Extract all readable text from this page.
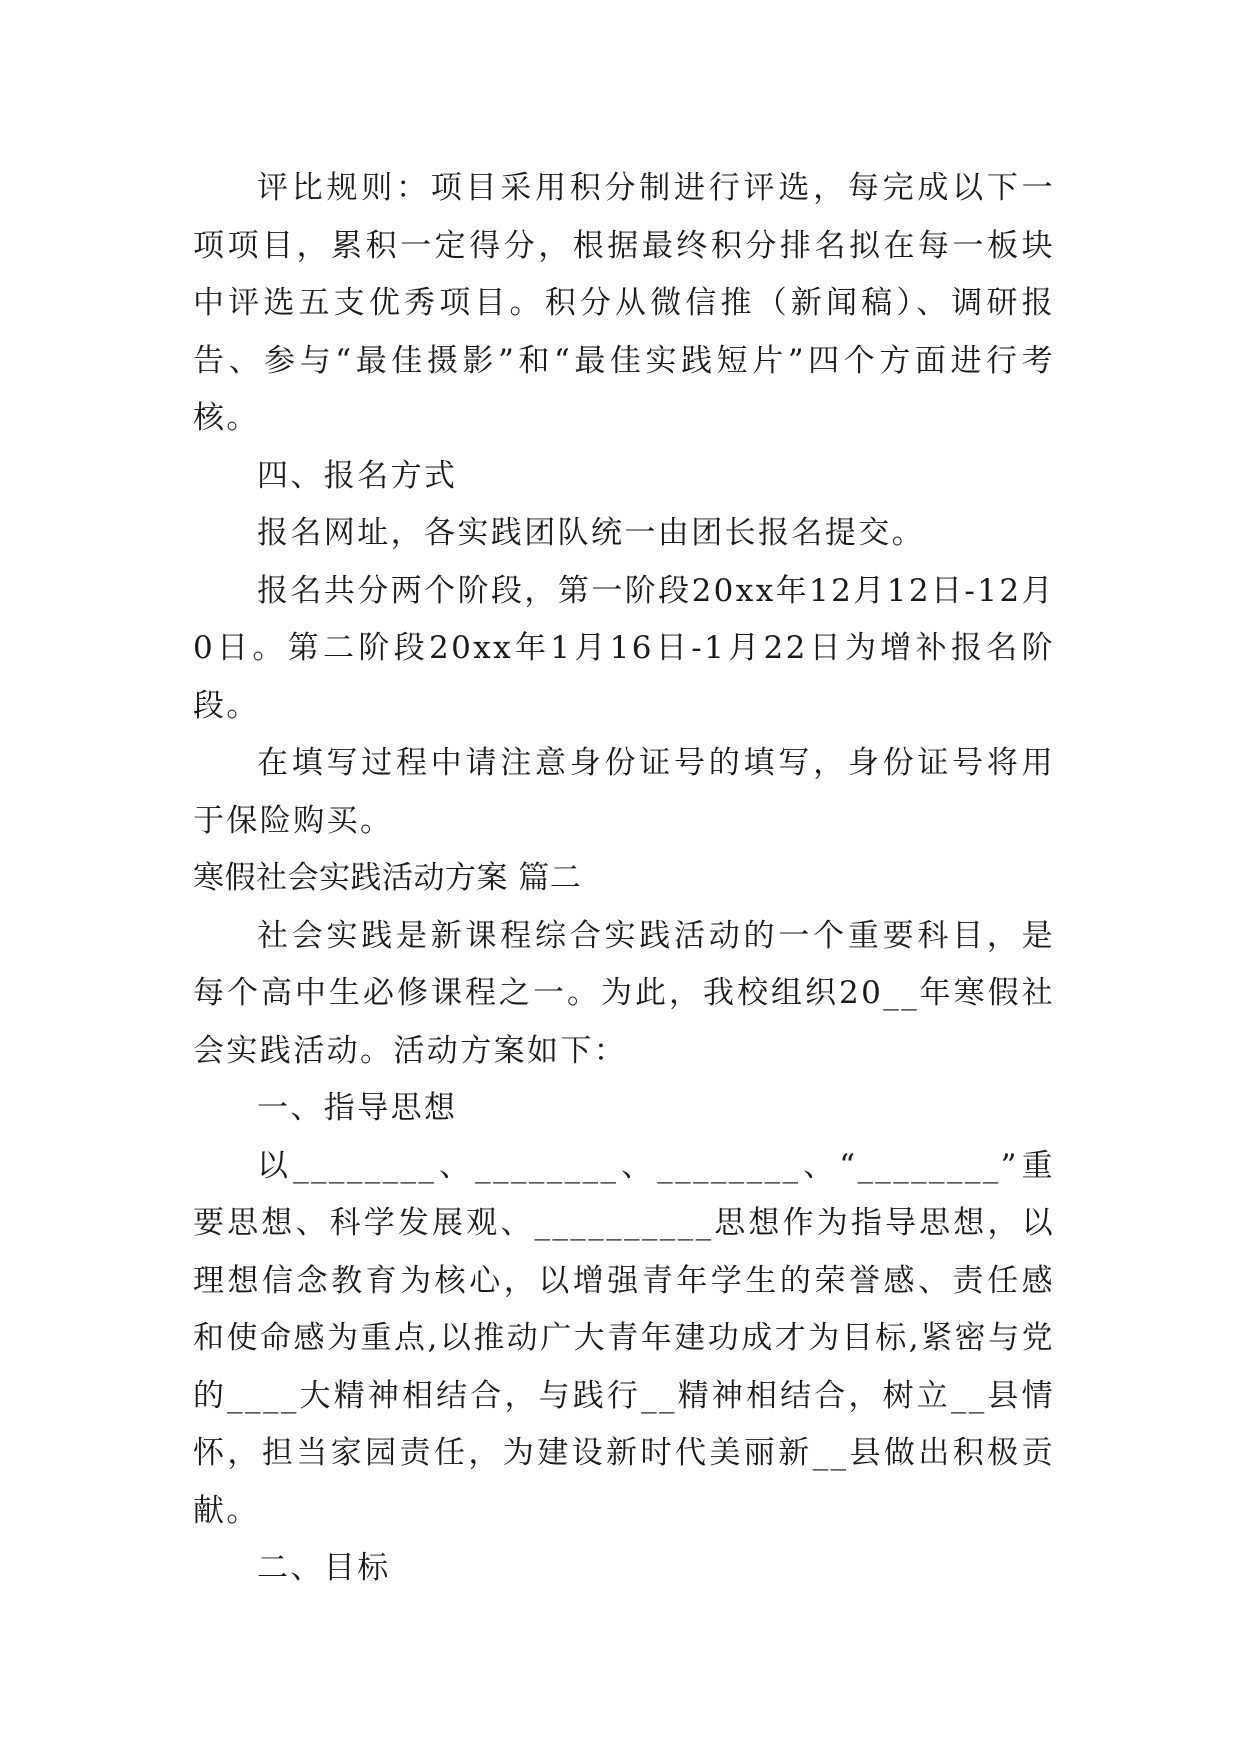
评比规则：项目采用积分制进行评选，每完成以下一项项目，累积一定得分，根据最终积分排名拟在每一板块中评选五支优秀项目。积分从微信推（新闻稿）、调研报告、参与“最佳摄影”和“最佳实践短片”四个方面进行考核。

四、报名方式

报名网址，各实践团队统一由团长报名提交。

报名共分两个阶段，第一阶段20xx年12月12日-12月0日。第二阶段20xx年1月16日-1月22日为增补报名阶段。

在填写过程中请注意身份证号的填写，身份证号将用于保险购买。

寒假社会实践活动方案 篇二

社会实践是新课程综合实践活动的一个重要科目，是每个高中生必修课程之一。为此，我校组织20__年寒假社会实践活动。活动方案如下：

一、指导思想

以________、________、________、“________”重要思想、科学发展观、__________思想作为指导思想，以理想信念教育为核心，以增强青年学生的荣誉感、责任感和使命感为重点,以推动广大青年建功成才为目标,紧密与党的____大精神相结合，与践行__精神相结合，树立__县情怀，担当家园责任，为建设新时代美丽新__县做出积极贡献。

二、目标
